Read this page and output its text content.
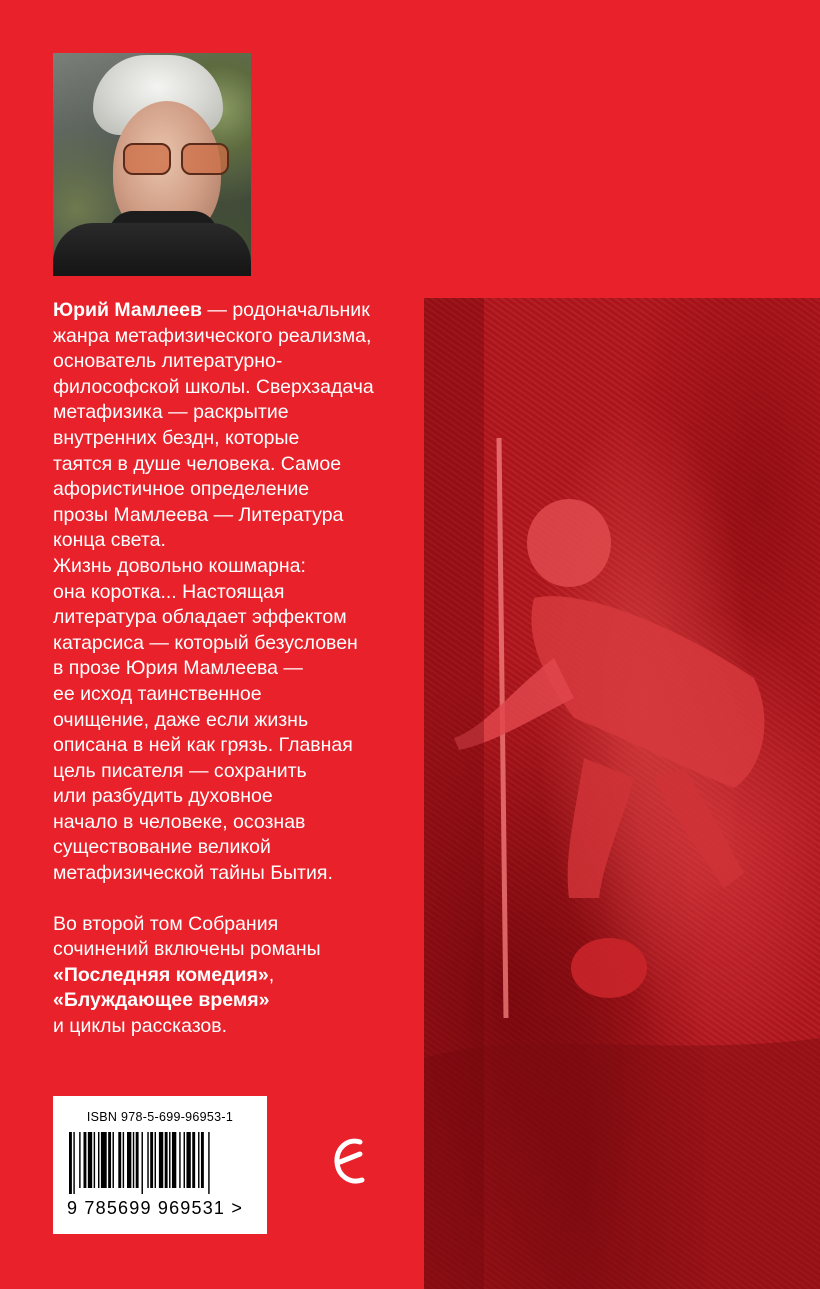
Юрий Мамлеев — родоначальник
жанра метафизического реализма,
основатель литературно-
философской школы. Сверхзадача
метафизика — раскрытие
внутренних бездн, которые
таятся в душе человека. Самое
афористичное определение
прозы Мамлеева — Литература
конца света.
Жизнь довольно кошмарна:
она коротка... Настоящая
литература обладает эффектом
катарсиса — который безусловен
в прозе Юрия Мамлеева —
ее исход таинственное
очищение, даже если жизнь
описана в ней как грязь. Главная
цель писателя — сохранить
или разбудить духовное
начало в человеке, осознав
существование великой
метафизической тайны Бытия.

Во второй том Собрания
сочинений включены романы
«Последняя комедия»,
«Блуждающее время»
и циклы рассказов.

ISBN 978-5-699-96953-1
9 785699 969531 >
